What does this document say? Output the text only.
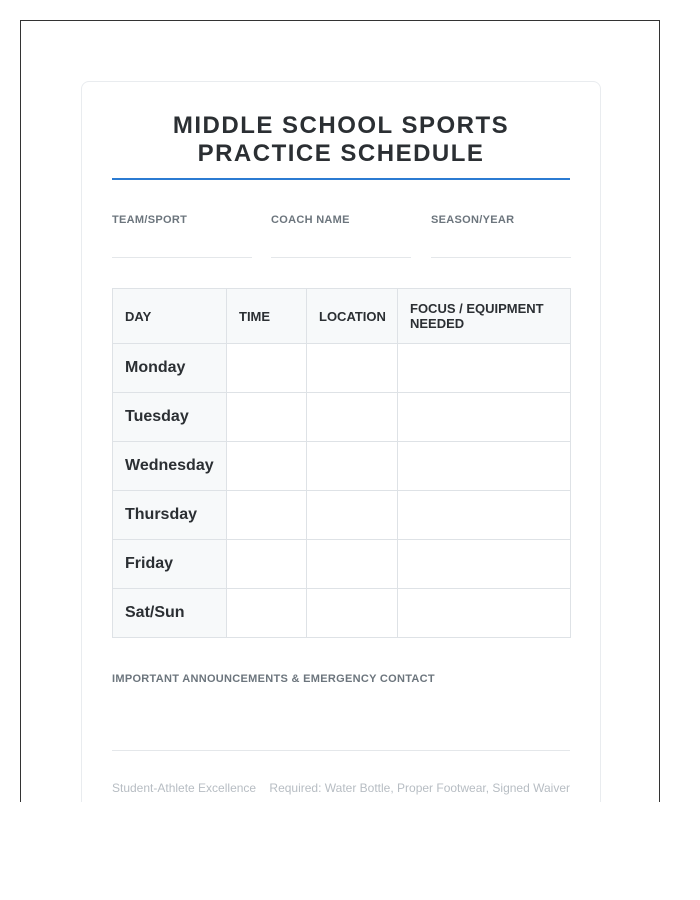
MIDDLE SCHOOL SPORTS
PRACTICE SCHEDULE
TEAM/SPORT	COACH NAME	SEASON/YEAR
DAY	TIME	LOCATION	FOCUS / EQUIPMENT NEEDED
Monday			
Tuesday			
Wednesday			
Thursday			
Friday			
Sat/Sun			
IMPORTANT ANNOUNCEMENTS & EMERGENCY CONTACT
Student-Athlete Excellence Required: Water Bottle, Proper Footwear, Signed Waiver
